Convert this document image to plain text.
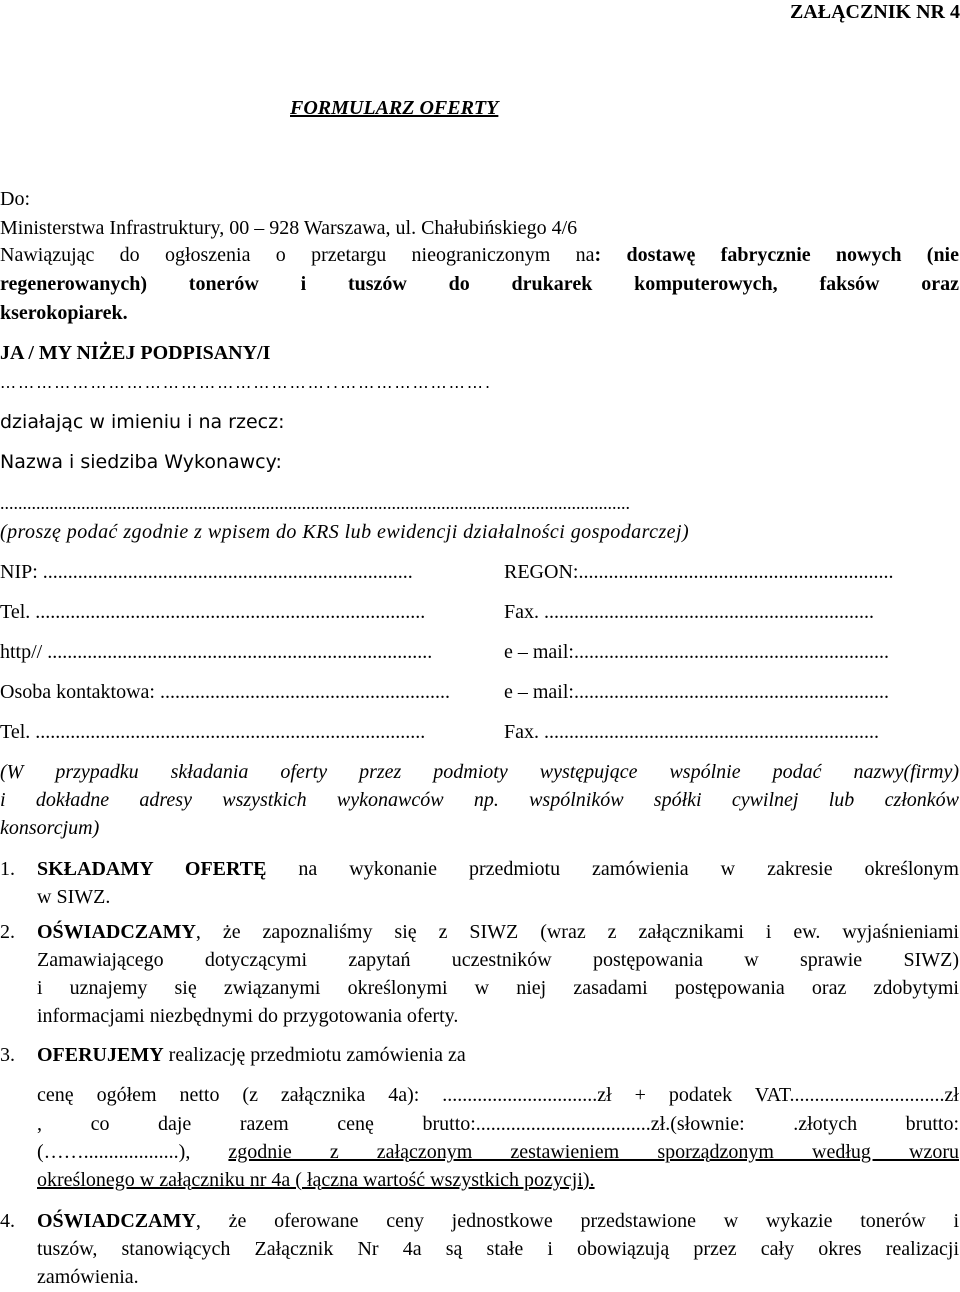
ZAŁĄCZNIK NR 4
FORMULARZ OFERTY
Do:
Ministerstwa Infrastruktury, 00 – 928 Warszawa, ul. Chałubińskiego 4/6
Nawiązując do ogłoszenia o przetargu nieograniczonym na: dostawę fabrycznie nowych (nie
regenerowanych) tonerów i tuszów do drukarek komputerowych, faksów oraz
kserokopiarek.
JA / MY NIŻEJ PODPISANY/I
………………………………………………..…………………….
działając w imieniu i na rzecz:
Nazwa i siedziba Wykonawcy:
............................................................................................................................................
(proszę podać zgodnie z wpisem do KRS lub ewidencji działalności gospodarczej)
NIP: ..........................................................................	REGON:...............................................................
Tel. ..............................................................................	Fax. ..................................................................
http// .............................................................................	e – mail:...............................................................
Osoba kontaktowa: ..........................................................	e – mail:...............................................................
Tel. ..............................................................................	Fax. ...................................................................
(W przypadku składania oferty przez podmioty występujące wspólnie podać nazwy(firmy)
i dokładne adresy wszystkich wykonawców np. wspólników spółki cywilnej lub członków
konsorcjum)
1. SKŁADAMY OFERTĘ na wykonanie przedmiotu zamówienia w zakresie określonym
w SIWZ.
2. OŚWIADCZAMY, że zapoznaliśmy się z SIWZ (wraz z załącznikami i ew. wyjaśnieniami
Zamawiającego dotyczącymi zapytań uczestników postępowania w sprawie SIWZ)
i uznajemy się związanymi określonymi w niej zasadami postępowania oraz zdobytymi
informacjami niezbędnymi do przygotowania oferty.
3. OFERUJEMY realizację przedmiotu zamówienia za
cenę ogółem netto (z załącznika 4a): ...............................zł + podatek VAT...............................zł
, co daje razem cenę brutto:...................................zł.(słownie: .złotych brutto:
(……...................), zgodnie z załączonym zestawieniem sporządzonym według wzoru
określonego w załączniku nr 4a ( łączna wartość wszystkich pozycji).
4. OŚWIADCZAMY, że oferowane ceny jednostkowe przedstawione w wykazie tonerów i
tuszów, stanowiących Załącznik Nr 4a są stałe i obowiązują przez cały okres realizacji
zamówienia.
